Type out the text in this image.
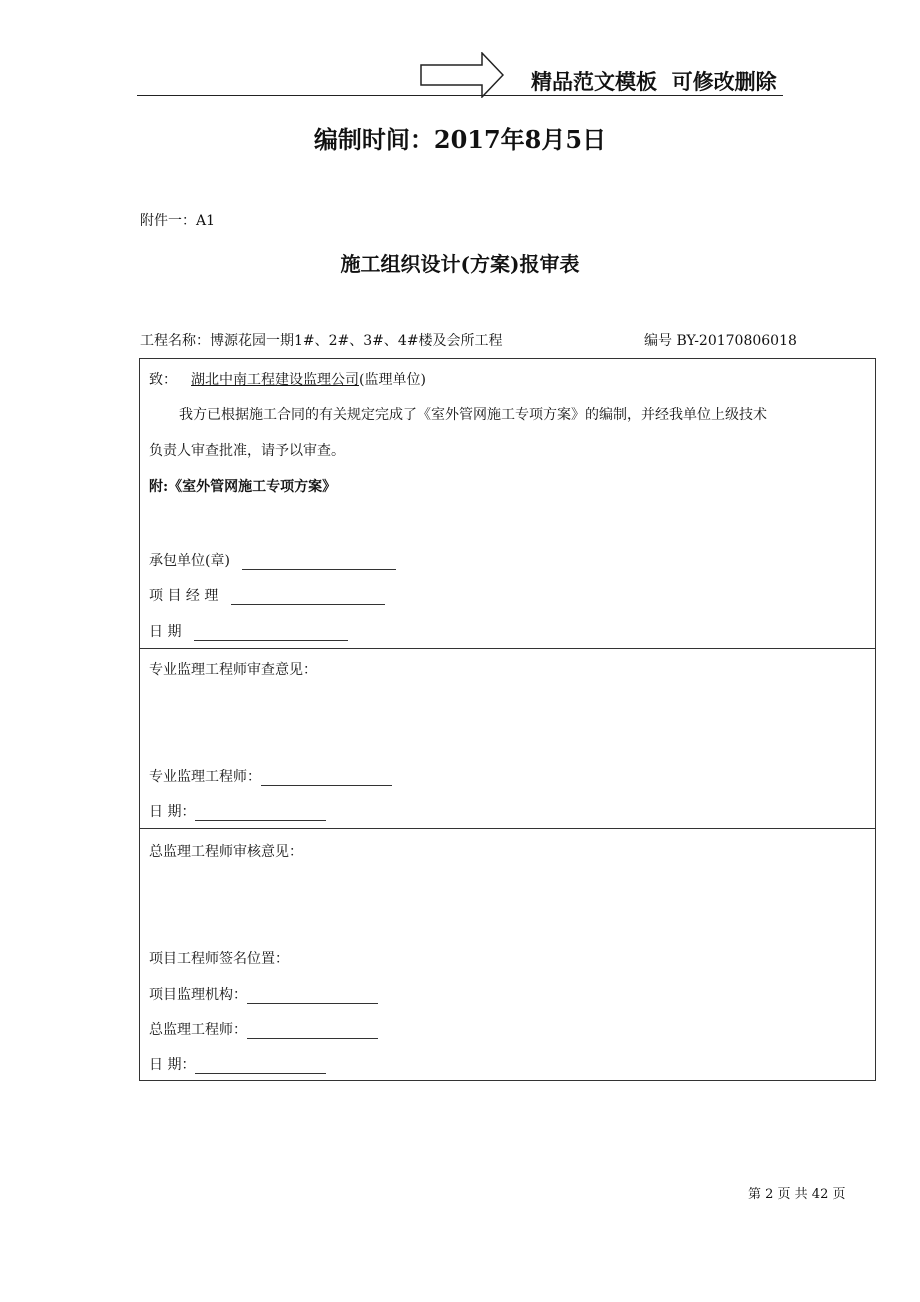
精品范文模板  可修改删除
编制时间：2017年8月5日
附件一：A1
施工组织设计(方案)报审表
工程名称：博源花园一期1#、2#、3#、4#楼及会所工程	编号 BY-20170806018
致： 湖北中南工程建设监理公司(监理单位)
我方已根据施工合同的有关规定完成了《室外管网施工专项方案》的编制，并经我单位上级技术
负责人审查批准，请予以审查。
附:《室外管网施工专项方案》
承包单位(章)
项 目 经 理
日 期
专业监理工程师审查意见：
专业监理工程师：
日 期：
总监理工程师审核意见：
项目工程师签名位置：
项目监理机构：
总监理工程师：
日 期：
第 2 页 共 42 页
